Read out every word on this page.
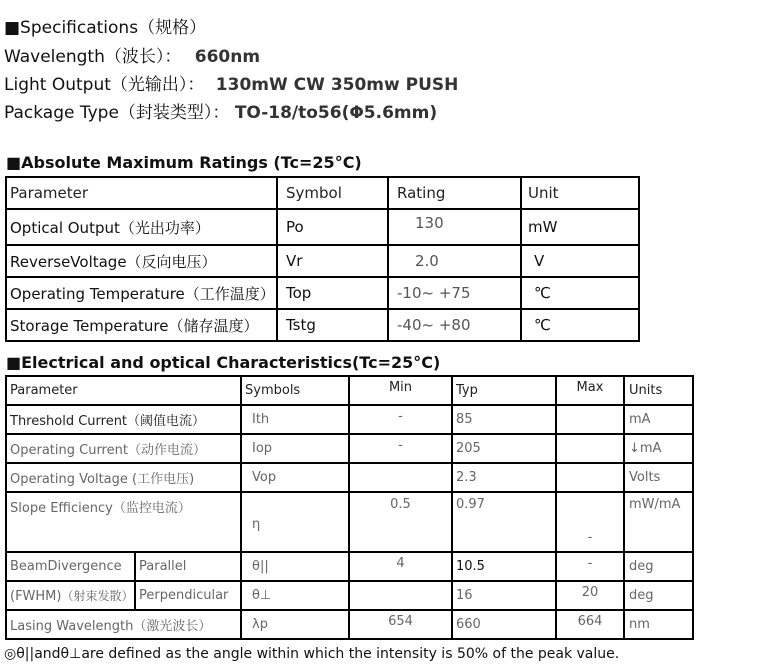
■Specifications（规格）
Wavelength（波长）： 660nm
Light Output（光输出）： 130mW CW 350mw PUSH
Package Type（封装类型）： TO-18/to56(Φ5.6mm)
■Absolute Maximum Ratings (Tc=25°C)
Parameter	Symbol	Rating	Unit
Optical Output（光出功率）	Po	130	mW
ReverseVoltage（反向电压）	Vr	2.0	V
Operating Temperature（工作温度）	Top	-10~ +75	℃
Storage Temperature（储存温度）	Tstg	-40~ +80	℃
■Electrical and optical Characteristics(Tc=25°C)
Parameter		Symbols	Min	Typ	Max	Units
Threshold Current（阈值电流）		Ith	-	85		mA
Operating Current（动作电流）		Iop	-	205		↓mA
Operating Voltage (工作电压)		Vop		2.3		Volts
Slope Efficiency（监控电流）		η	0.5	0.97	-	mW/mA
BeamDivergence	Parallel	θ||	4	10.5	-	deg
(FWHM)（射束发散）	Perpendicular	θ⊥		16	20	deg
Lasing Wavelength（激光波长）		λp	654	660	664	nm
◎θ||andθ⊥are defined as the angle within which the intensity is 50% of the peak value.
